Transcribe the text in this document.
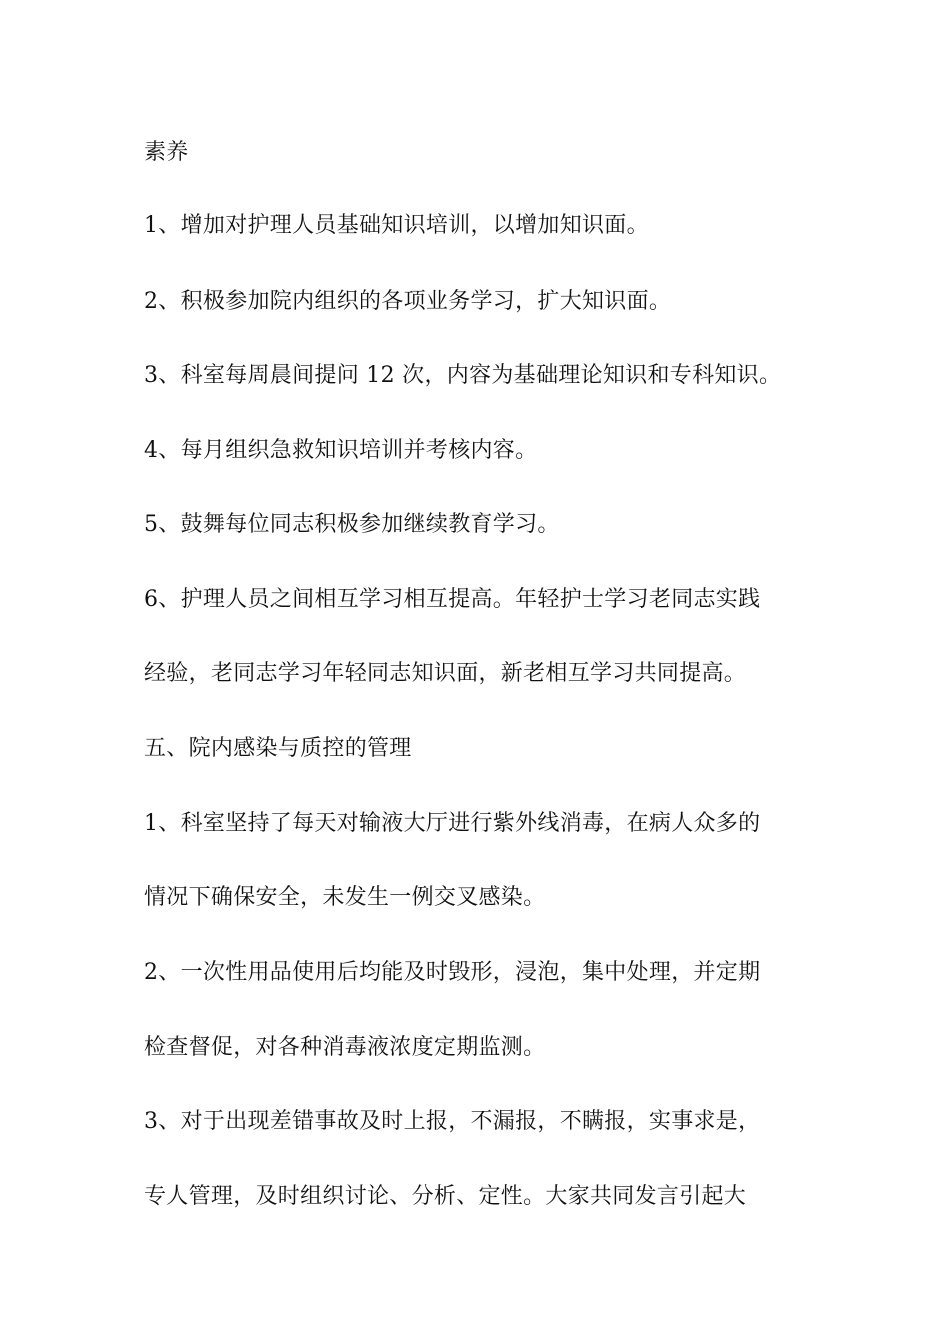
素养
1、增加对护理人员基础知识培训，以增加知识面。
2、积极参加院内组织的各项业务学习，扩大知识面。
3、科室每周晨间提问 12 次，内容为基础理论知识和专科知识。
4、每月组织急救知识培训并考核内容。
5、鼓舞每位同志积极参加继续教育学习。
6、护理人员之间相互学习相互提高。年轻护士学习老同志实践
经验，老同志学习年轻同志知识面，新老相互学习共同提高。
五、院内感染与质控的管理
1、科室坚持了每天对输液大厅进行紫外线消毒，在病人众多的
情况下确保安全，未发生一例交叉感染。
2、一次性用品使用后均能及时毁形，浸泡，集中处理，并定期
检查督促，对各种消毒液浓度定期监测。
3、对于出现差错事故及时上报，不漏报，不瞒报，实事求是，
专人管理，及时组织讨论、分析、定性。大家共同发言引起大
